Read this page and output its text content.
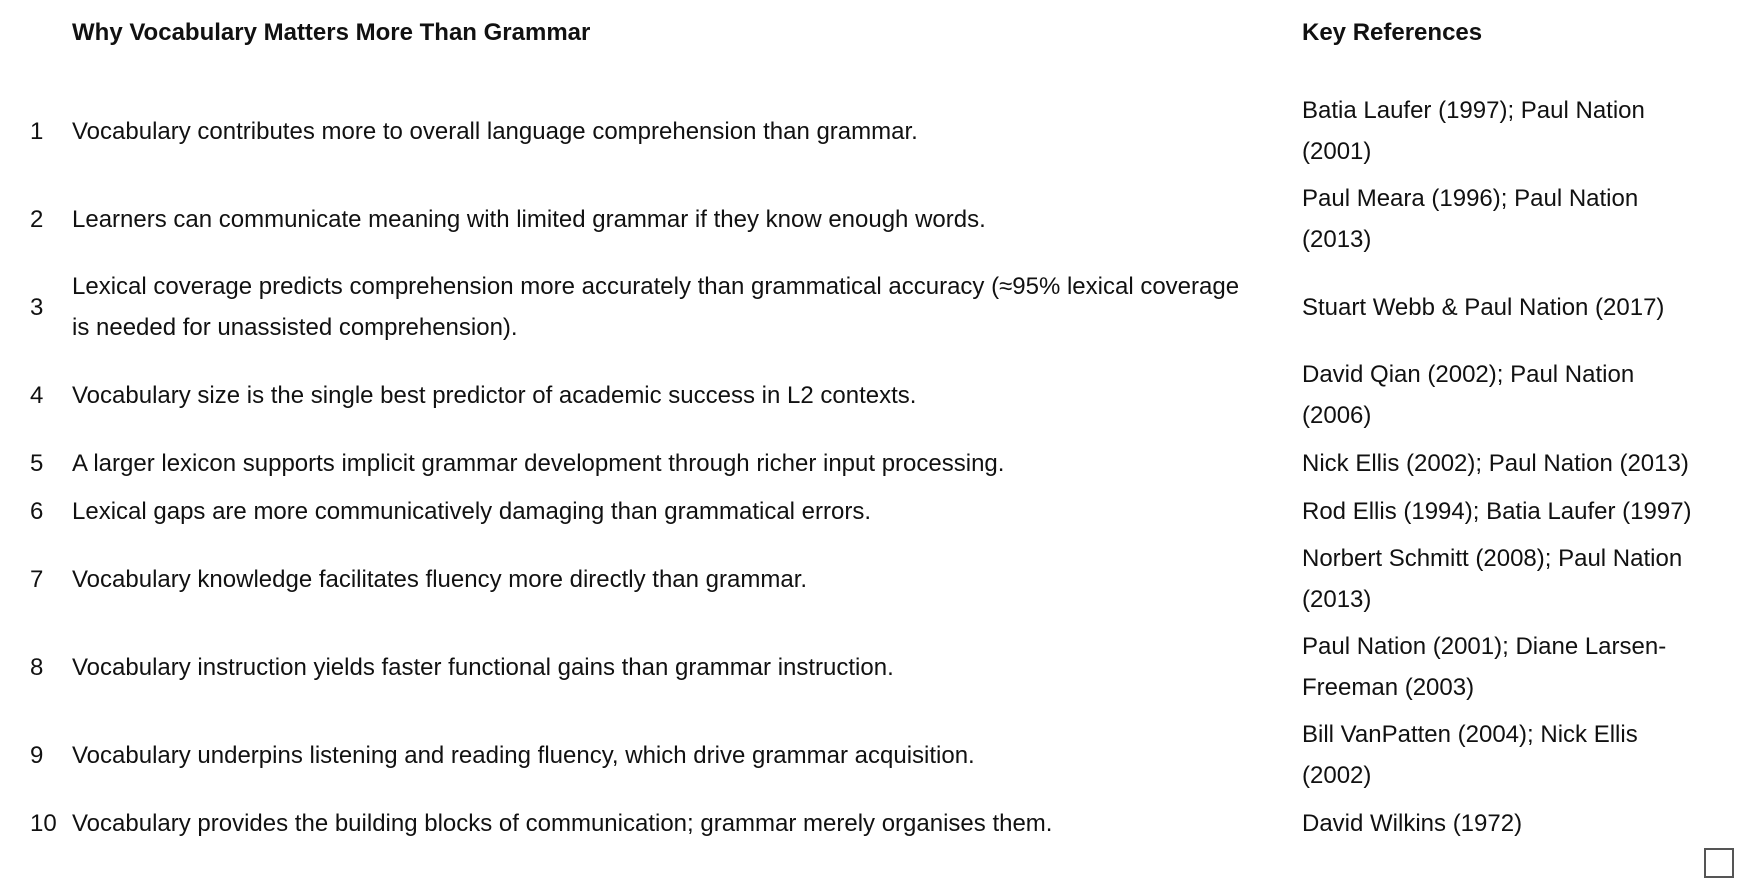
	Why Vocabulary Matters More Than Grammar	Key References
1	Vocabulary contributes more to overall language comprehension than grammar.	Batia Laufer (1997); Paul Nation (2001)
2	Learners can communicate meaning with limited grammar if they know enough words.	Paul Meara (1996); Paul Nation (2013)
3	Lexical coverage predicts comprehension more accurately than grammatical accuracy (≈95% lexical coverage is needed for unassisted comprehension).	Stuart Webb & Paul Nation (2017)
4	Vocabulary size is the single best predictor of academic success in L2 contexts.	David Qian (2002); Paul Nation (2006)
5	A larger lexicon supports implicit grammar development through richer input processing.	Nick Ellis (2002); Paul Nation (2013)
6	Lexical gaps are more communicatively damaging than grammatical errors.	Rod Ellis (1994); Batia Laufer (1997)
7	Vocabulary knowledge facilitates fluency more directly than grammar.	Norbert Schmitt (2008); Paul Nation (2013)
8	Vocabulary instruction yields faster functional gains than grammar instruction.	Paul Nation (2001); Diane Larsen-Freeman (2003)
9	Vocabulary underpins listening and reading fluency, which drive grammar acquisition.	Bill VanPatten (2004); Nick Ellis (2002)
10	Vocabulary provides the building blocks of communication; grammar merely organises them.	David Wilkins (1972)
